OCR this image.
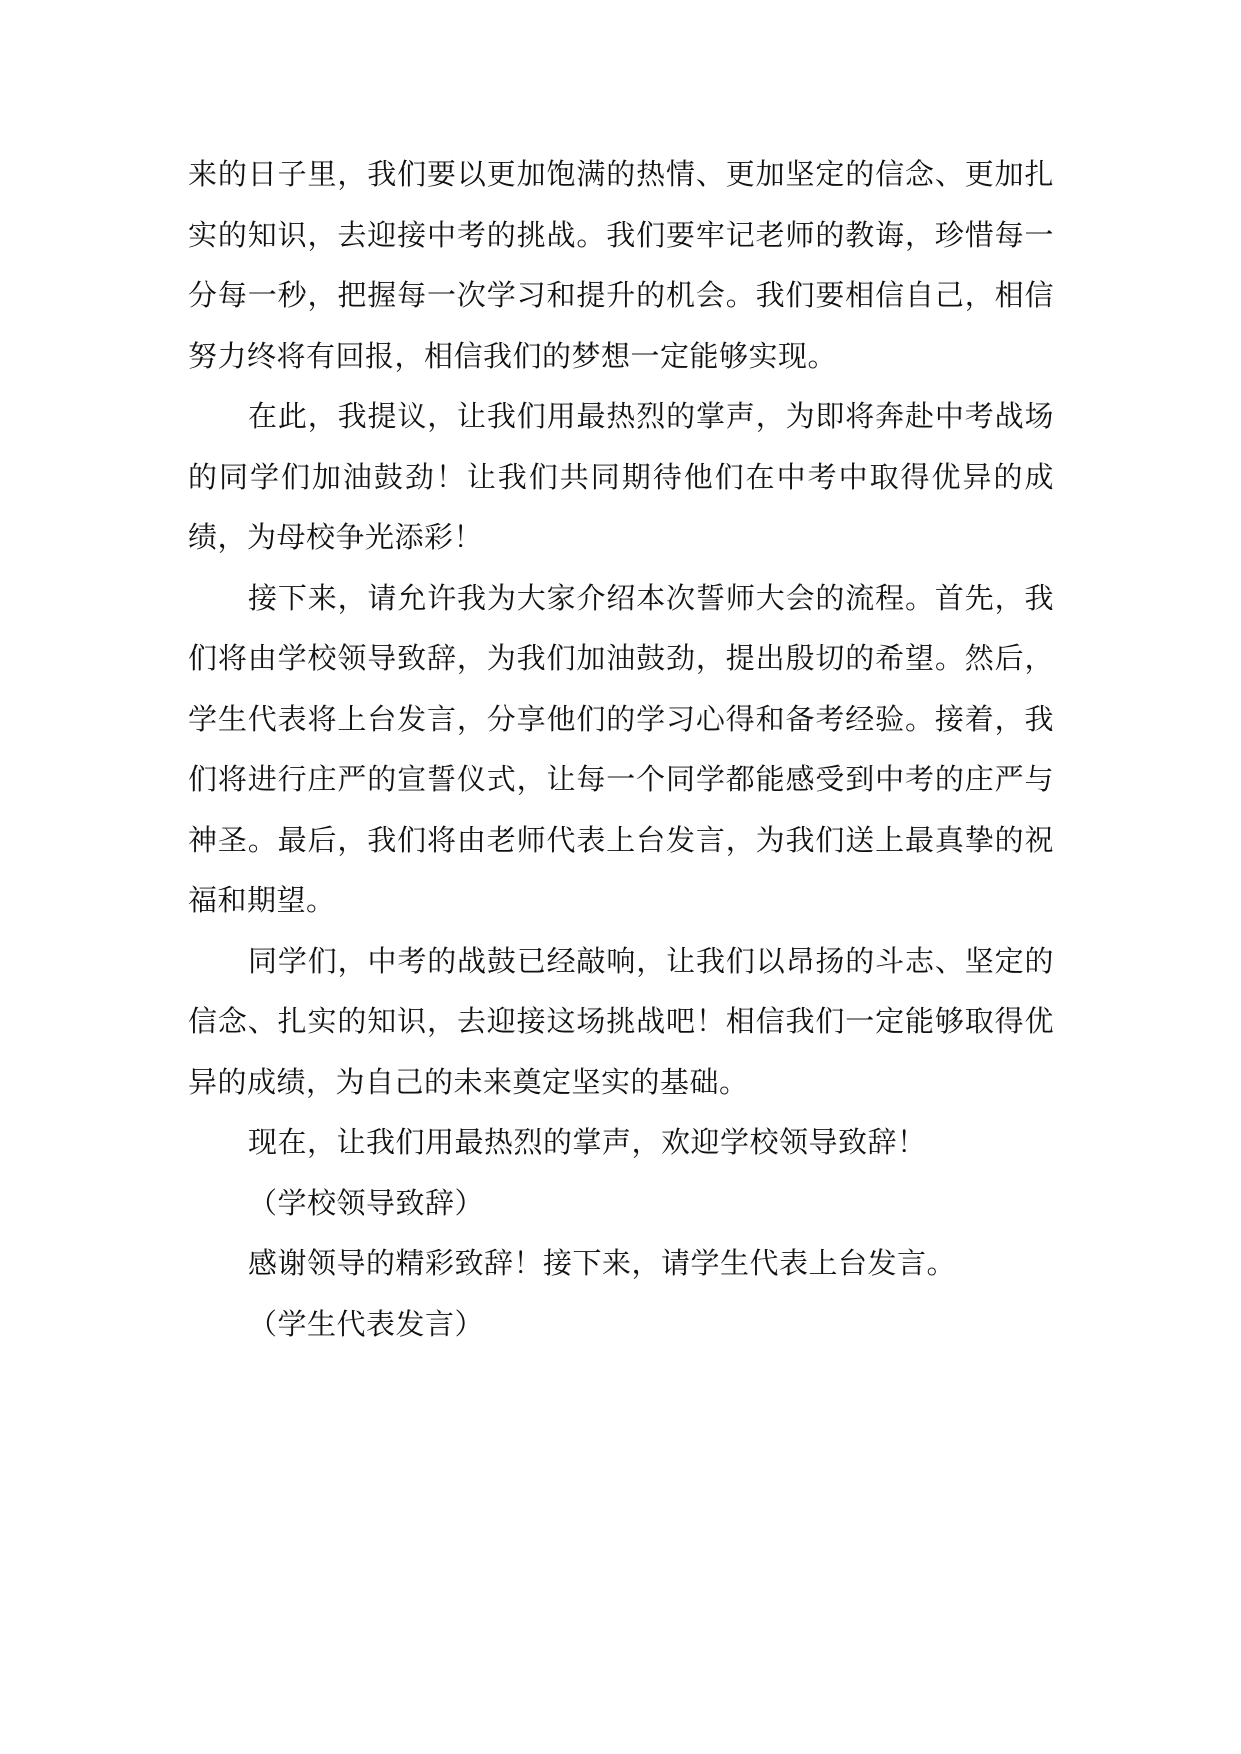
来的日子里，我们要以更加饱满的热情、更加坚定的信念、更加扎实的知识，去迎接中考的挑战。我们要牢记老师的教诲，珍惜每一分每一秒，把握每一次学习和提升的机会。我们要相信自己，相信努力终将有回报，相信我们的梦想一定能够实现。

在此，我提议，让我们用最热烈的掌声，为即将奔赴中考战场的同学们加油鼓劲！让我们共同期待他们在中考中取得优异的成绩，为母校争光添彩！

接下来，请允许我为大家介绍本次誓师大会的流程。首先，我们将由学校领导致辞，为我们加油鼓劲，提出殷切的希望。然后，学生代表将上台发言，分享他们的学习心得和备考经验。接着，我们将进行庄严的宣誓仪式，让每一个同学都能感受到中考的庄严与神圣。最后，我们将由老师代表上台发言，为我们送上最真挚的祝福和期望。

同学们，中考的战鼓已经敲响，让我们以昂扬的斗志、坚定的信念、扎实的知识，去迎接这场挑战吧！相信我们一定能够取得优异的成绩，为自己的未来奠定坚实的基础。

现在，让我们用最热烈的掌声，欢迎学校领导致辞！

（学校领导致辞）

感谢领导的精彩致辞！接下来，请学生代表上台发言。

（学生代表发言）
